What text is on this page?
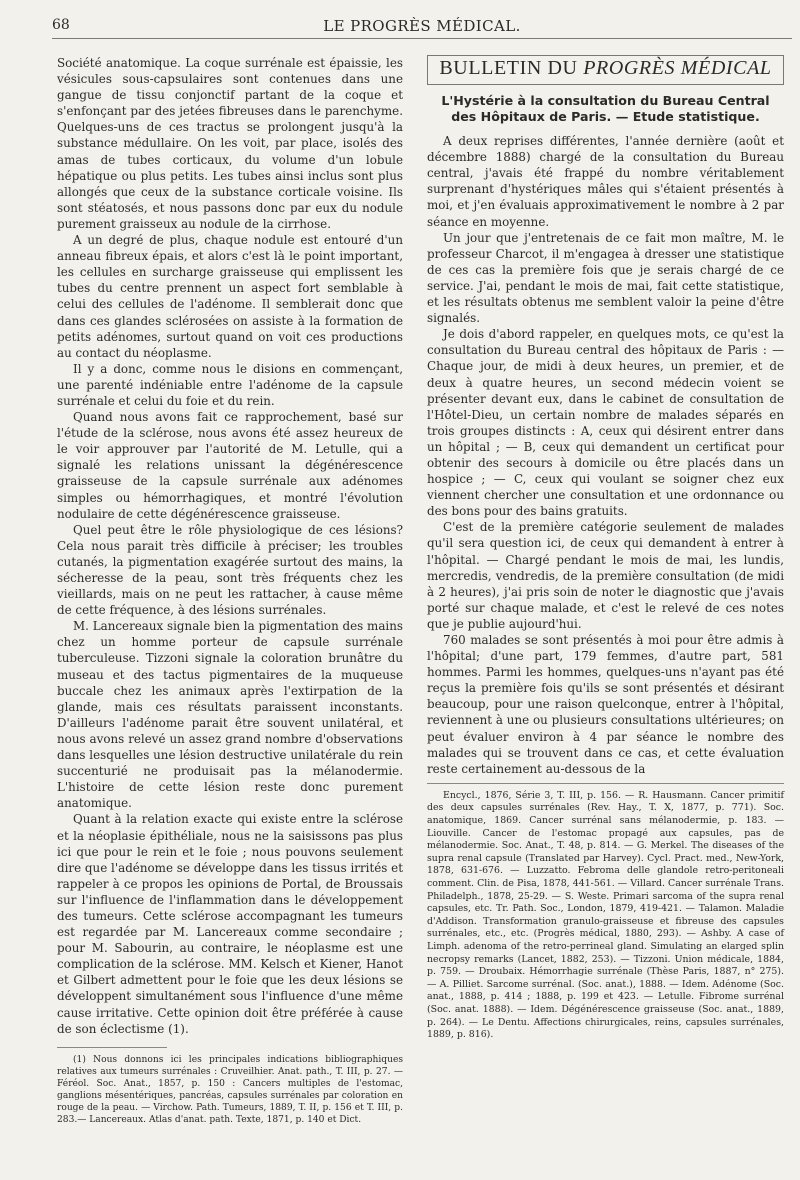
68	LE PROGRÈS MÉDICAL.

Société anatomique. La coque surrénale est épaissie, les vésicules sous-capsulaires sont contenues dans une gangue de tissu conjonctif partant de la coque et s'enfonçant par des jetées fibreuses dans le parenchyme. Quelques-uns de ces tractus se prolongent jusqu'à la substance médullaire. On les voit, par place, isolés des amas de tubes corticaux, du volume d'un lobule hépatique ou plus petits. Les tubes ainsi inclus sont plus allongés que ceux de la substance corticale voisine. Ils sont stéatosés, et nous passons donc par eux du nodule purement graisseux au nodule de la cirrhose.

A un degré de plus, chaque nodule est entouré d'un anneau fibreux épais, et alors c'est là le point important, les cellules en surcharge graisseuse qui emplissent les tubes du centre prennent un aspect fort semblable à celui des cellules de l'adénome. Il semblerait donc que dans ces glandes sclérosées on assiste à la formation de petits adénomes, surtout quand on voit ces productions au contact du néoplasme.

Il y a donc, comme nous le disions en commençant, une parenté indéniable entre l'adénome de la capsule surrénale et celui du foie et du rein.

Quand nous avons fait ce rapprochement, basé sur l'étude de la sclérose, nous avons été assez heureux de le voir approuver par l'autorité de M. Letulle, qui a signalé les relations unissant la dégénérescence graisseuse de la capsule surrénale aux adénomes simples ou hémorrhagiques, et montré l'évolution nodulaire de cette dégénérescence graisseuse.

Quel peut être le rôle physiologique de ces lésions? Cela nous parait très difficile à préciser; les troubles cutanés, la pigmentation exagérée surtout des mains, la sécheresse de la peau, sont très fréquents chez les vieillards, mais on ne peut les rattacher, à cause même de cette fréquence, à des lésions surrénales.

M. Lancereaux signale bien la pigmentation des mains chez un homme porteur de capsule surrénale tuberculeuse. Tizzoni signale la coloration brunâtre du museau et des tactus pigmentaires de la muqueuse buccale chez les animaux après l'extirpation de la glande, mais ces résultats paraissent inconstants. D'ailleurs l'adénome parait être souvent unilatéral, et nous avons relevé un assez grand nombre d'observations dans lesquelles une lésion destructive unilatérale du rein succenturié ne produisait pas la mélanodermie. L'histoire de cette lésion reste donc purement anatomique.

Quant à la relation exacte qui existe entre la sclérose et la néoplasie épithéliale, nous ne la saisissons pas plus ici que pour le rein et le foie ; nous pouvons seulement dire que l'adénome se développe dans les tissus irrités et rappeler à ce propos les opinions de Portal, de Broussais sur l'influence de l'inflammation dans le développement des tumeurs. Cette sclérose accompagnant les tumeurs est regardée par M. Lancereaux comme secondaire ; pour M. Sabourin, au contraire, le néoplasme est une complication de la sclérose. MM. Kelsch et Kiener, Hanot et Gilbert admettent pour le foie que les deux lésions se développent simultanément sous l'influence d'une même cause irritative. Cette opinion doit être préférée à cause de son éclectisme (1).

(1) Nous donnons ici les principales indications bibliographiques relatives aux tumeurs surrénales : Cruveilhier. Anat. path., T. III, p. 27. — Féréol. Soc. Anat., 1857, p. 150 : Cancers multiples de l'estomac, ganglions mésentériques, pancréas, capsules surrénales par coloration en rouge de la peau. — Virchow. Path. Tumeurs, 1889, T. II, p. 156 et T. III, p. 283.— Lancereaux. Atlas d'anat. path. Texte, 1871, p. 140 et Dict.

BULLETIN DU PROGRÈS MÉDICAL
L'Hystérie à la consultation du Bureau Central des Hôpitaux de Paris. — Etude statistique.

A deux reprises différentes, l'année dernière (août et décembre 1888) chargé de la consultation du Bureau central, j'avais été frappé du nombre véritablement surprenant d'hystériques mâles qui s'étaient présentés à moi, et j'en évaluais approximativement le nombre à 2 par séance en moyenne.

Un jour que j'entretenais de ce fait mon maître, M. le professeur Charcot, il m'engagea à dresser une statistique de ces cas la première fois que je serais chargé de ce service. J'ai, pendant le mois de mai, fait cette statistique, et les résultats obtenus me semblent valoir la peine d'être signalés.

Je dois d'abord rappeler, en quelques mots, ce qu'est la consultation du Bureau central des hôpitaux de Paris : — Chaque jour, de midi à deux heures, un premier, et de deux à quatre heures, un second médecin voient se présenter devant eux, dans le cabinet de consultation de l'Hôtel-Dieu, un certain nombre de malades séparés en trois groupes distincts : A, ceux qui désirent entrer dans un hôpital ; — B, ceux qui demandent un certificat pour obtenir des secours à domicile ou être placés dans un hospice ; — C, ceux qui voulant se soigner chez eux viennent chercher une consultation et une ordonnance ou des bons pour des bains gratuits.

C'est de la première catégorie seulement de malades qu'il sera question ici, de ceux qui demandent à entrer à l'hôpital. — Chargé pendant le mois de mai, les lundis, mercredis, vendredis, de la première consultation (de midi à 2 heures), j'ai pris soin de noter le diagnostic que j'avais porté sur chaque malade, et c'est le relevé de ces notes que je publie aujourd'hui.

760 malades se sont présentés à moi pour être admis à l'hôpital; d'une part, 179 femmes, d'autre part, 581 hommes. Parmi les hommes, quelques-uns n'ayant pas été reçus la première fois qu'ils se sont présentés et désirant beaucoup, pour une raison quelconque, entrer à l'hôpital, reviennent à une ou plusieurs consultations ultérieures; on peut évaluer environ à 4 par séance le nombre des malades qui se trouvent dans ce cas, et cette évaluation reste certainement au-dessous de la

Encycl., 1876, Série 3, T. III, p. 156. — R. Hausmann. Cancer primitif des deux capsules surrénales (Rev. Hay., T. X, 1877, p. 771). Soc. anatomique, 1869. Cancer surrénal sans mélanodermie, p. 183. — Liouville. Cancer de l'estomac propagé aux capsules, pas de mélanodermie. Soc. Anat., T. 48, p. 814. — G. Merkel. The diseases of the supra renal capsule (Translated par Harvey). Cycl. Pract. med., New-York, 1878, 631-676. — Luzzatto. Febroma delle glandole retro-peritoneali comment. Clin. de Pisa, 1878, 441-561. — Villard. Cancer surrénale Trans. Philadelph., 1878, 25-29. — S. Weste. Primari sarcoma of the supra renal capsules, etc. Tr. Path. Soc., London, 1879, 419-421. — Talamon. Maladie d'Addison. Transformation granulo-graisseuse et fibreuse des capsules surrénales, etc., etc. (Progrès médical, 1880, 293). — Ashby. A case of Limph. adenoma of the retro-perrineal gland. Simulating an elarged splin necropsy remarks (Lancet, 1882, 253). — Tizzoni. Union médicale, 1884, p. 759. — Droubaix. Hémorrhagie surrénale (Thèse Paris, 1887, n° 275). — A. Pilliet. Sarcome surrénal. (Soc. anat.), 1888. — Idem. Adénome (Soc. anat., 1888, p. 414 ; 1888, p. 199 et 423. — Letulle. Fibrome surrénal (Soc. anat. 1888). — Idem. Dégénérescence graisseuse (Soc. anat., 1889, p. 264). — Le Dentu. Affections chirurgicales, reins, capsules surrénales, 1889, p. 816).
